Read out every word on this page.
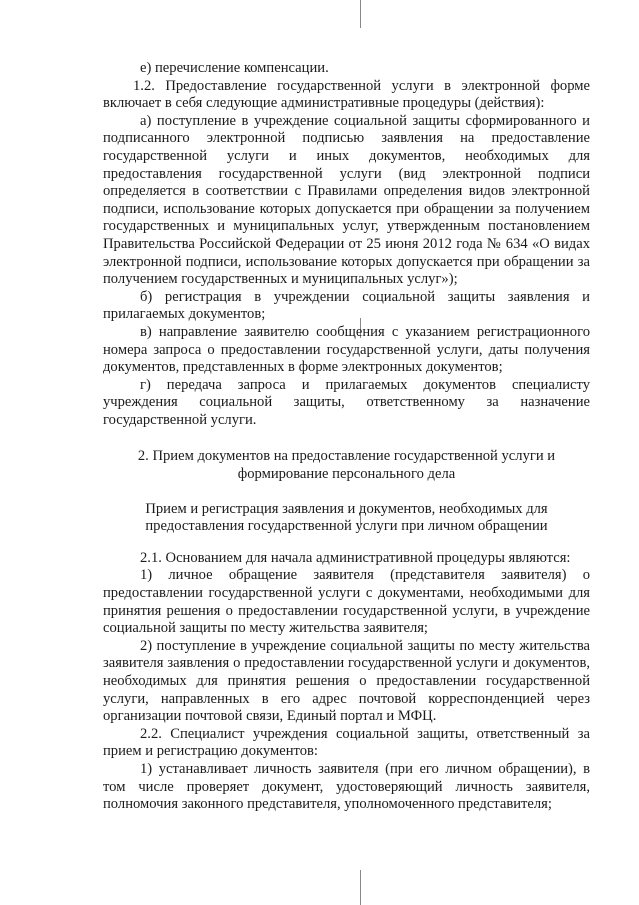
е) перечисление компенсации.

1.2. Предоставление государственной услуги в электронной форме включает в себя следующие административные процедуры (действия):

а) поступление в учреждение социальной защиты сформированного и подписанного электронной подписью заявления на предоставление государственной услуги и иных документов, необходимых для предоставления государственной услуги (вид электронной подписи определяется в соответствии с Правилами определения видов электронной подписи, использование которых допускается при обращении за получением государственных и муниципальных услуг, утвержденным постановлением Правительства Российской Федерации от 25 июня 2012 года № 634 «О видах электронной подписи, использование которых допускается при обращении за получением государственных и муниципальных услуг»);

б) регистрация в учреждении социальной защиты заявления и прилагаемых документов;

в) направление заявителю сообщения с указанием регистрационного номера запроса о предоставлении государственной услуги, даты получения документов, представленных в форме электронных документов;

г) передача запроса и прилагаемых документов специалисту учреждения социальной защиты, ответственному за назначение государственной услуги.

2. Прием документов на предоставление государственной услуги и

формирование персонального дела

Прием и регистрация заявления и документов, необходимых для

предоставления государственной услуги при личном обращении

2.1. Основанием для начала административной процедуры являются:

1) личное обращение заявителя (представителя заявителя) о предоставлении государственной услуги с документами, необходимыми для принятия решения о предоставлении государственной услуги, в учреждение социальной защиты по месту жительства заявителя;

2) поступление в учреждение социальной защиты по месту жительства заявителя заявления о предоставлении государственной услуги и документов, необходимых для принятия решения о предоставлении государственной услуги, направленных в его адрес почтовой корреспонденцией через организации почтовой связи, Единый портал и МФЦ.

2.2. Специалист учреждения социальной защиты, ответственный за прием и регистрацию документов:

1) устанавливает личность заявителя (при его личном обращении), в том числе проверяет документ, удостоверяющий личность заявителя, полномочия законного представителя, уполномоченного представителя;
